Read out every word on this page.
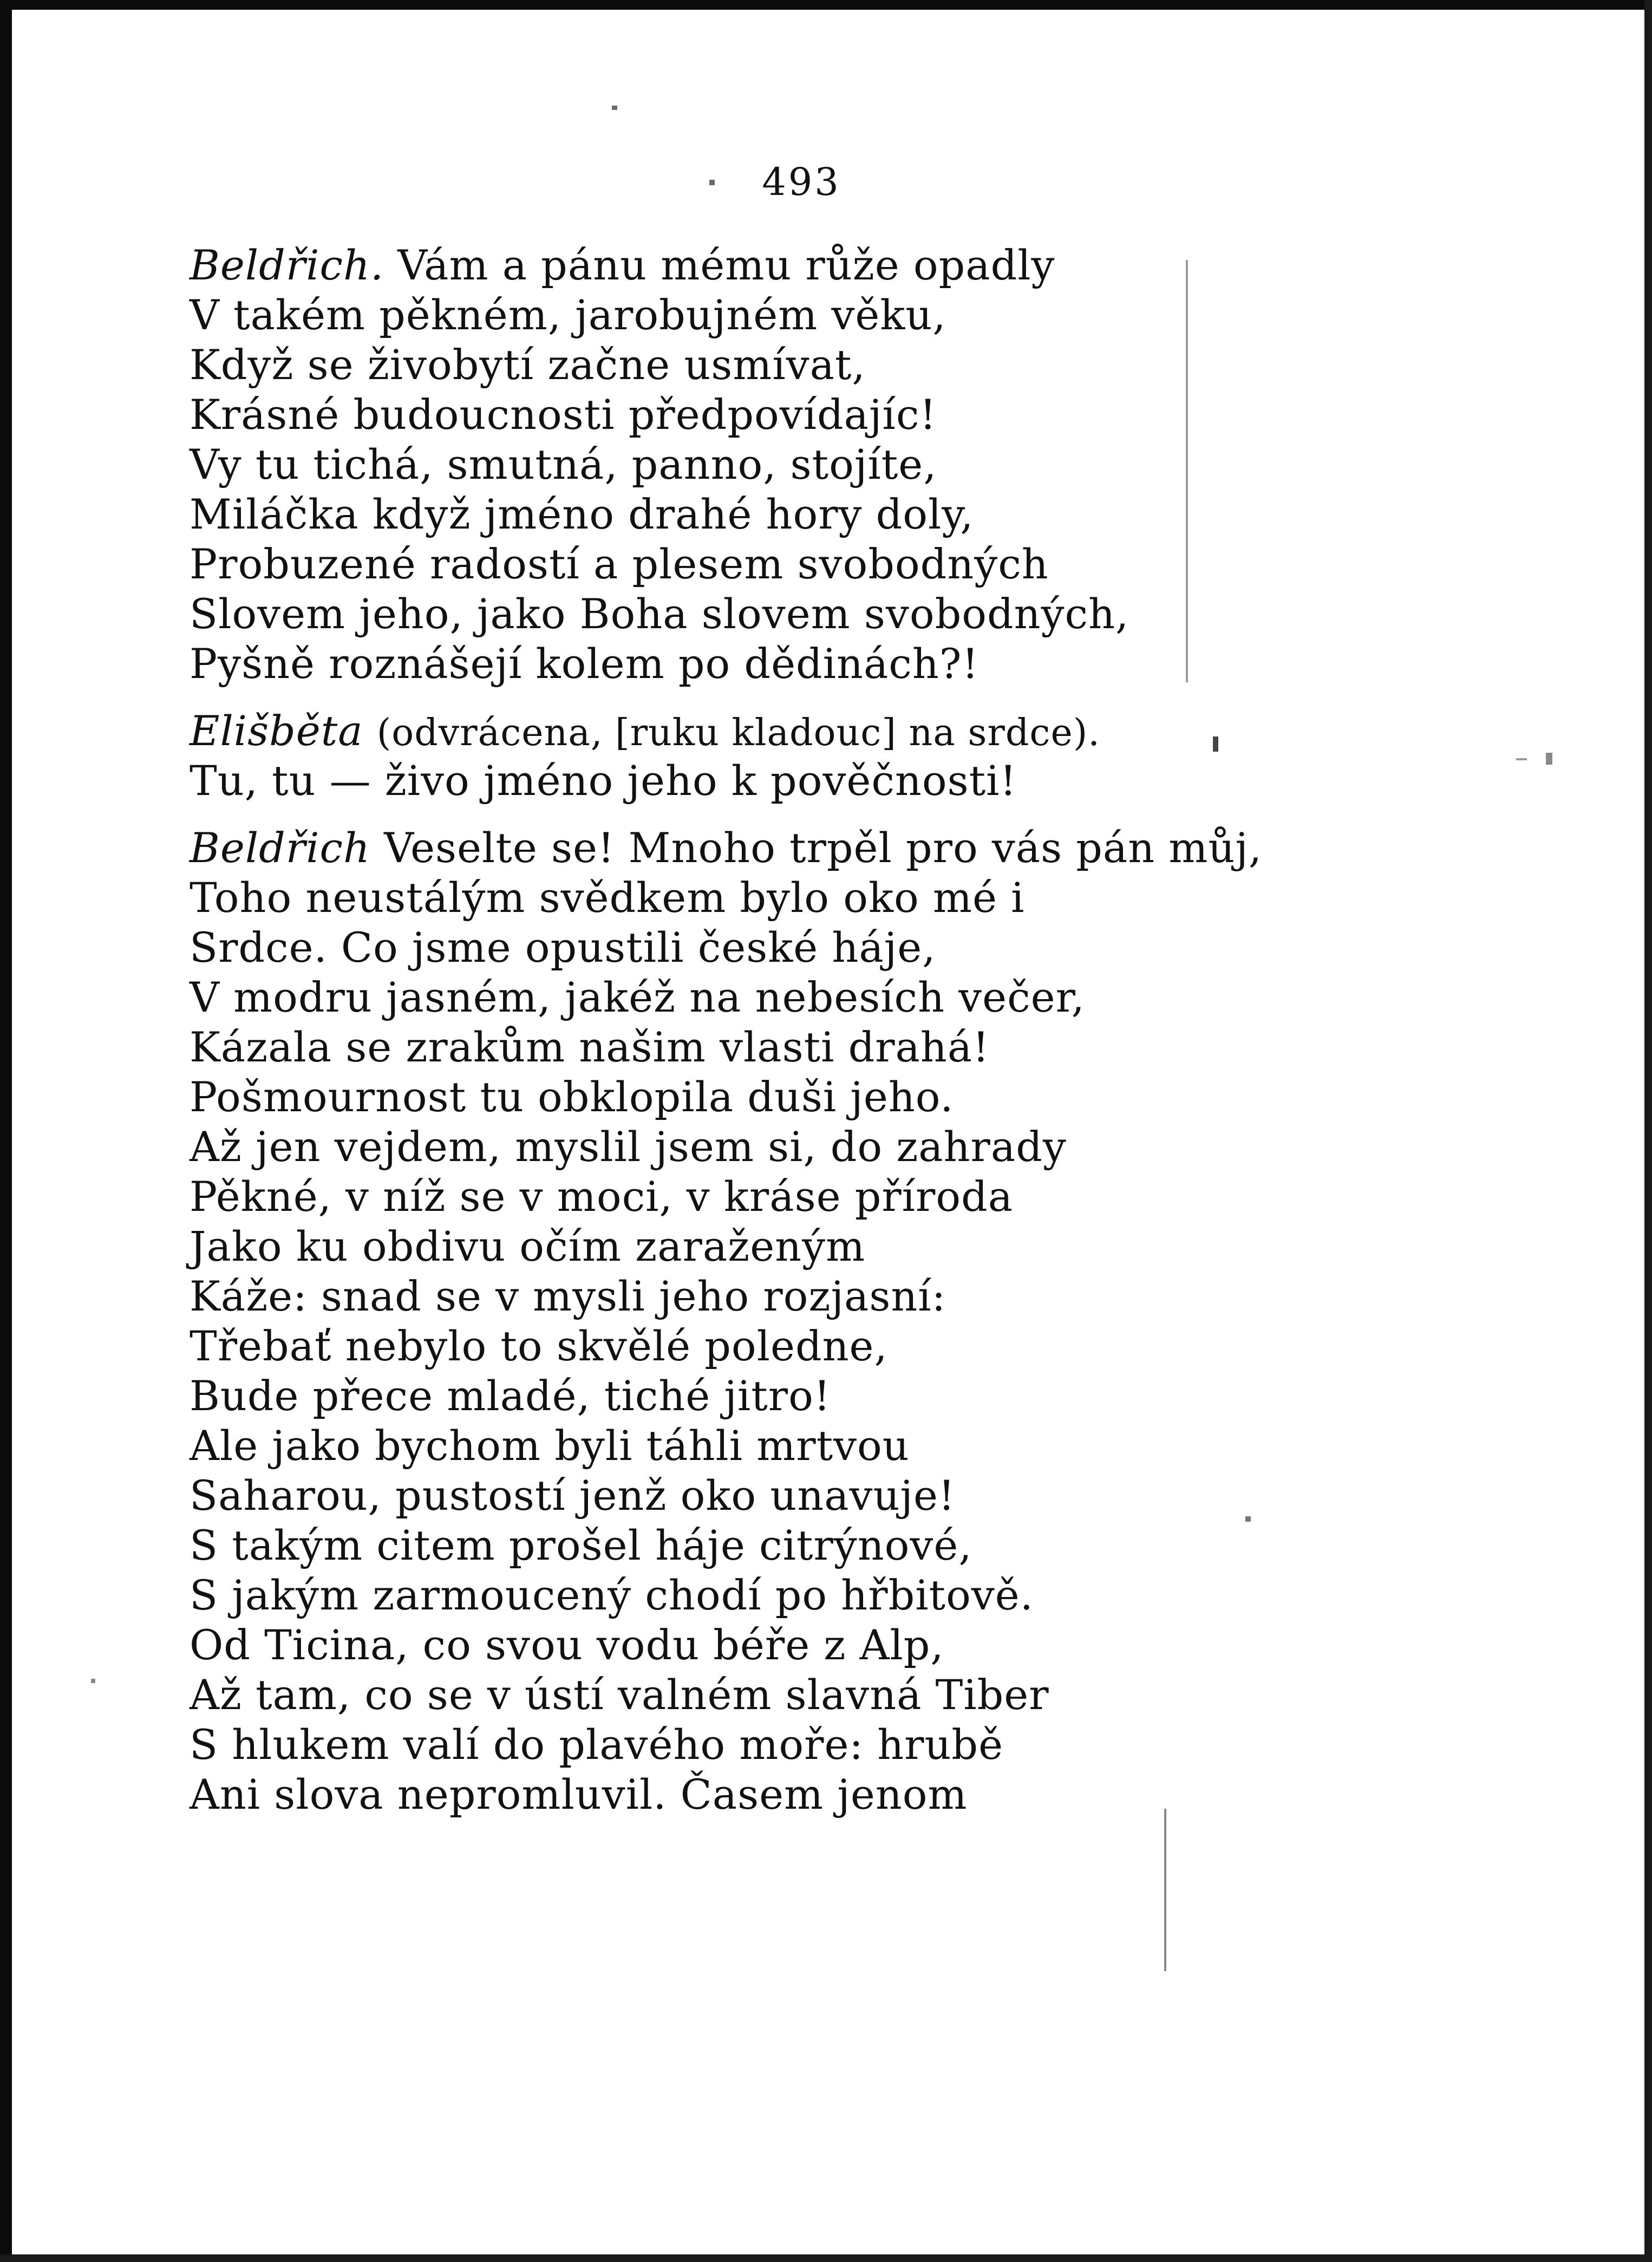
493
Beldřich. Vám a pánu mému růže opadly
V takém pěkném, jarobujném věku,
Když se živobytí začne usmívat,
Krásné budoucnosti předpovídajíc!
Vy tu tichá, smutná, panno, stojíte,
Miláčka když jméno drahé hory doly,
Probuzené radostí a plesem svobodných
Slovem jeho, jako Boha slovem svobodných,
Pyšně roznášejí kolem po dědinách?!
Elišběta (odvrácena, [ruku kladouc] na srdce).
Tu, tu — živo jméno jeho k pověčnosti!
Beldřich Veselte se! Mnoho trpěl pro vás pán můj,
Toho neustálým svědkem bylo oko mé i
Srdce. Co jsme opustili české háje,
V modru jasném, jakéž na nebesích večer,
Kázala se zrakům našim vlasti drahá!
Pošmournost tu obklopila duši jeho.
Až jen vejdem, myslil jsem si, do zahrady
Pěkné, v níž se v moci, v kráse příroda
Jako ku obdivu očím zaraženým
Káže: snad se v mysli jeho rozjasní:
Třebať nebylo to skvělé poledne,
Bude přece mladé, tiché jitro!
Ale jako bychom byli táhli mrtvou
Saharou, pustostí jenž oko unavuje!
S takým citem prošel háje citrýnové,
S jakým zarmoucený chodí po hřbitově.
Od Ticina, co svou vodu béře z Alp,
Až tam, co se v ústí valném slavná Tiber
S hlukem valí do plavého moře: hrubě
Ani slova nepromluvil. Časem jenom
